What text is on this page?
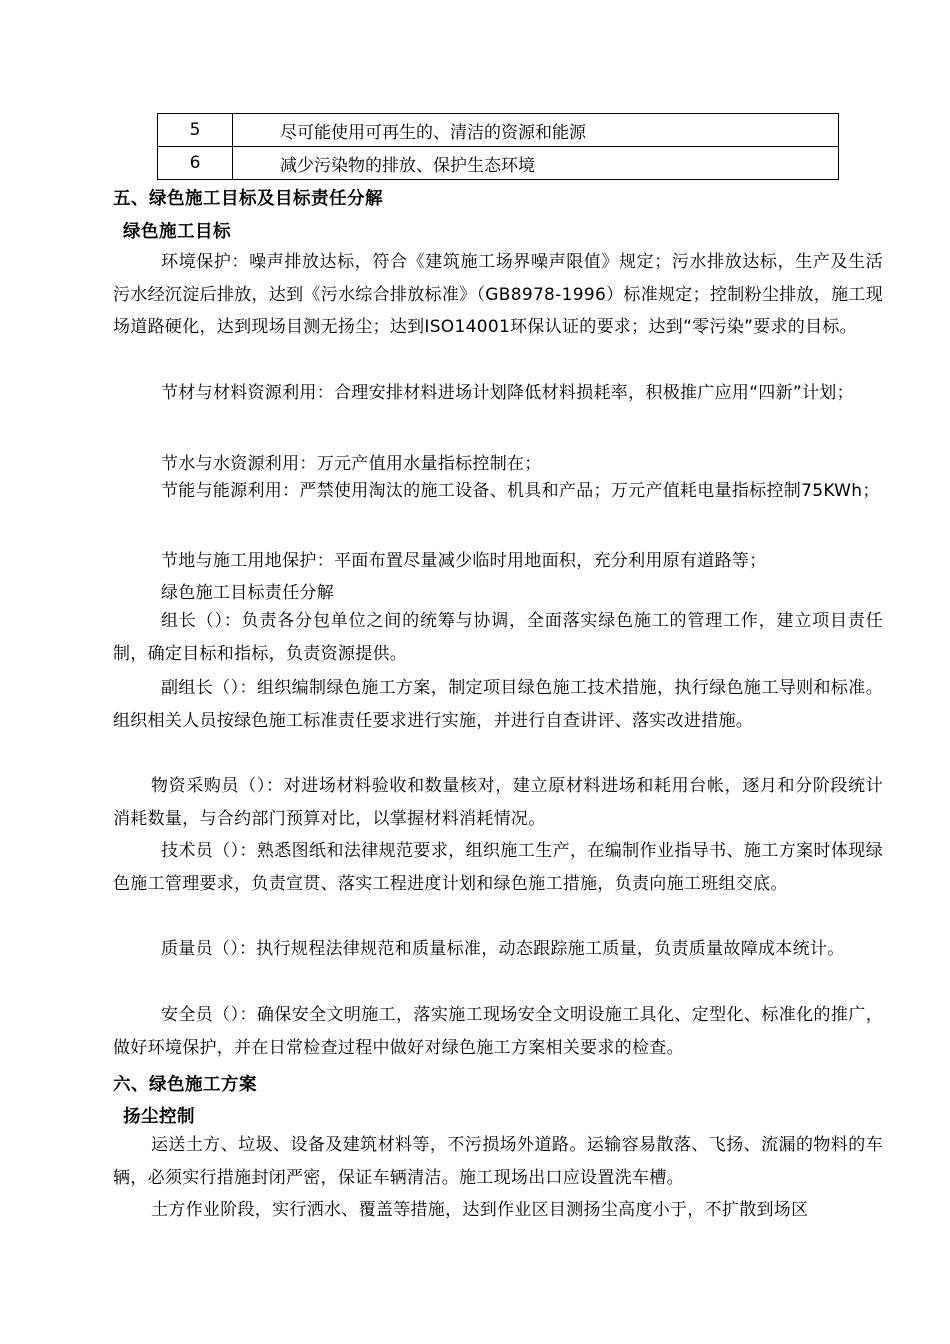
5	尽可能使用可再生的、清洁的资源和能源
6	减少污染物的排放、保护生态环境
五、绿色施工目标及目标责任分解
绿色施工目标
环境保护：噪声排放达标，符合《建筑施工场界噪声限值》规定；污水排放达标，生产及生活污水经沉淀后排放，达到《污水综合排放标准》（GB8978-1996）标准规定；控制粉尘排放，施工现场道路硬化，达到现场目测无扬尘；达到ISO14001环保认证的要求；达到“零污染”要求的目标。
节材与材料资源利用：合理安排材料进场计划降低材料损耗率，积极推广应用“四新”计划；
节水与水资源利用：万元产值用水量指标控制在；
节能与能源利用：严禁使用淘汰的施工设备、机具和产品；万元产值耗电量指标控制75KWh；
节地与施工用地保护：平面布置尽量减少临时用地面积，充分利用原有道路等；
绿色施工目标责任分解
组长（）：负责各分包单位之间的统筹与协调，全面落实绿色施工的管理工作，建立项目责任制，确定目标和指标，负责资源提供。
副组长（）：组织编制绿色施工方案，制定项目绿色施工技术措施，执行绿色施工导则和标准。组织相关人员按绿色施工标准责任要求进行实施，并进行自查讲评、落实改进措施。
物资采购员（）：对进场材料验收和数量核对，建立原材料进场和耗用台帐，逐月和分阶段统计消耗数量，与合约部门预算对比，以掌握材料消耗情况。
技术员（）：熟悉图纸和法律规范要求，组织施工生产，在编制作业指导书、施工方案时体现绿色施工管理要求，负责宣贯、落实工程进度计划和绿色施工措施，负责向施工班组交底。
质量员（）：执行规程法律规范和质量标准，动态跟踪施工质量，负责质量故障成本统计。
安全员（）：确保安全文明施工，落实施工现场安全文明设施工具化、定型化、标准化的推广，做好环境保护，并在日常检查过程中做好对绿色施工方案相关要求的检查。
六、绿色施工方案
扬尘控制
运送土方、垃圾、设备及建筑材料等，不污损场外道路。运输容易散落、飞扬、流漏的物料的车辆，必须实行措施封闭严密，保证车辆清洁。施工现场出口应设置洗车槽。
土方作业阶段，实行洒水、覆盖等措施，达到作业区目测扬尘高度小于，不扩散到场区
